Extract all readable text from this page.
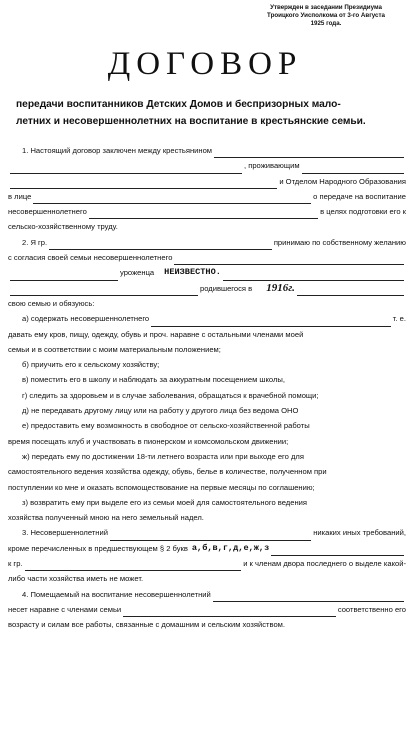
Утвержден в заседании Президиума
Троицкого Уисполкома от 3-го Августа
1925 года.
ДОГОВОР
передачи воспитанников Детских Домов и беспризорных мало-
летних и несовершеннолетних на воспитание в крестьянские семьи.
1. Настоящий договор заключен между крестьянином
, проживающим
и Отделом Народного Образования
в лице	о передаче на воспитание
несовершеннолетнего	в целях подготовки его к
сельско-хозяйственному труду.
2. Я гр.	принимаю по собственному желанию
с согласия своей семьи несовершеннолетнего
уроженца НЕИЗВЕСТНО.
родившегося в 1916г.
свою семью и обязуюсь:
а) содержать несовершеннолетнего	т. е.
давать ему кров, пищу, одежду, обувь и проч. наравне с остальными членами моей
семьи и в соответствии с моим материальным положением;
б) приучить его к сельскому хозяйству;
в) поместить его в школу и наблюдать за аккуратным посещением школы,
г) следить за здоровьем и в случае заболевания, обращаться к врачебной помощи;
д) не передавать другому лицу или на работу у другого лица без ведома ОНО
е) предоставить ему возможность в свободное от сельско-хозяйственной работы
время посещать клуб и участвовать в пионерском и комсомольском движении;
ж) передать ему по достижении 18-ти летнего возраста или при выходе его для
самостоятельного ведения хозяйства одежду, обувь, белье в количестве, полученном при
поступлении ко мне и оказать вспомоществование на первые месяцы по соглашению;
з) возвратить ему при выделе его из семьи моей для самостоятельного ведения
хозяйства полученный мною на него земельный надел.
3. Несовершеннолетний	никаких иных требований,
кроме перечисленных в предшествующем § 2 букв а,б,в,г,д,е,ж,з
к гр.	и к членам двора последнего о выделе какой-
либо части хозяйства иметь не может.
4. Помещаемый на воспитание несовершеннолетний
несет наравне с членами семьи	соответственно его
возрасту и силам все работы, связанные с домашним и сельским хозяйством.
